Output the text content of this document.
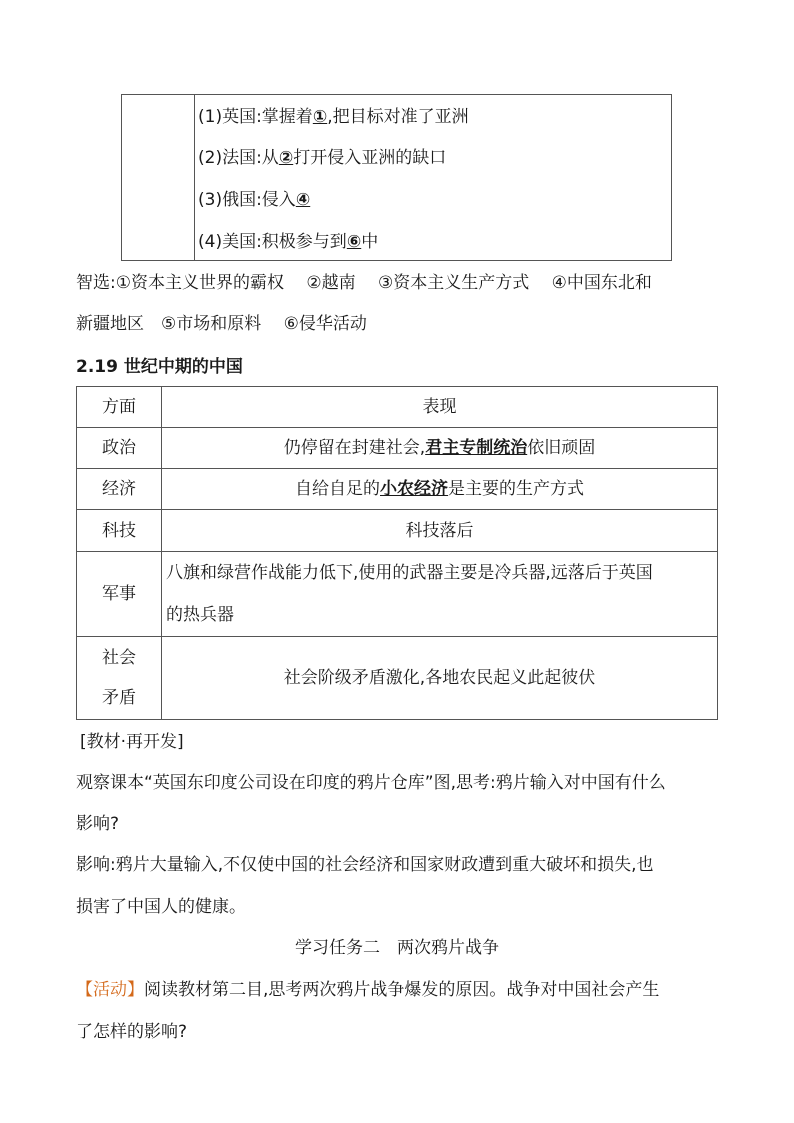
(1)英国:掌握着①,把目标对准了亚洲
(2)法国:从②打开侵入亚洲的缺口
(3)俄国:侵入④
(4)美国:积极参与到⑥中
智选:①资本主义世界的霸权　 ②越南　 ③资本主义生产方式　 ④中国东北和
新疆地区　⑤市场和原料　 ⑥侵华活动
2.19 世纪中期的中国
方面	表现
政治	仍停留在封建社会,君主专制统治依旧顽固
经济	自给自足的小农经济是主要的生产方式
科技	科技落后
军事	八旗和绿营作战能力低下,使用的武器主要是冷兵器,远落后于英国
的热兵器

社会
矛盾	社会阶级矛盾激化,各地农民起义此起彼伏
[教材·再开发]
观察课本“英国东印度公司设在印度的鸦片仓库”图,思考:鸦片输入对中国有什么
影响?
影响:鸦片大量输入,不仅使中国的社会经济和国家财政遭到重大破坏和损失,也
损害了中国人的健康。
学习任务二　两次鸦片战争
【活动】阅读教材第二目,思考两次鸦片战争爆发的原因。战争对中国社会产生
了怎样的影响?
